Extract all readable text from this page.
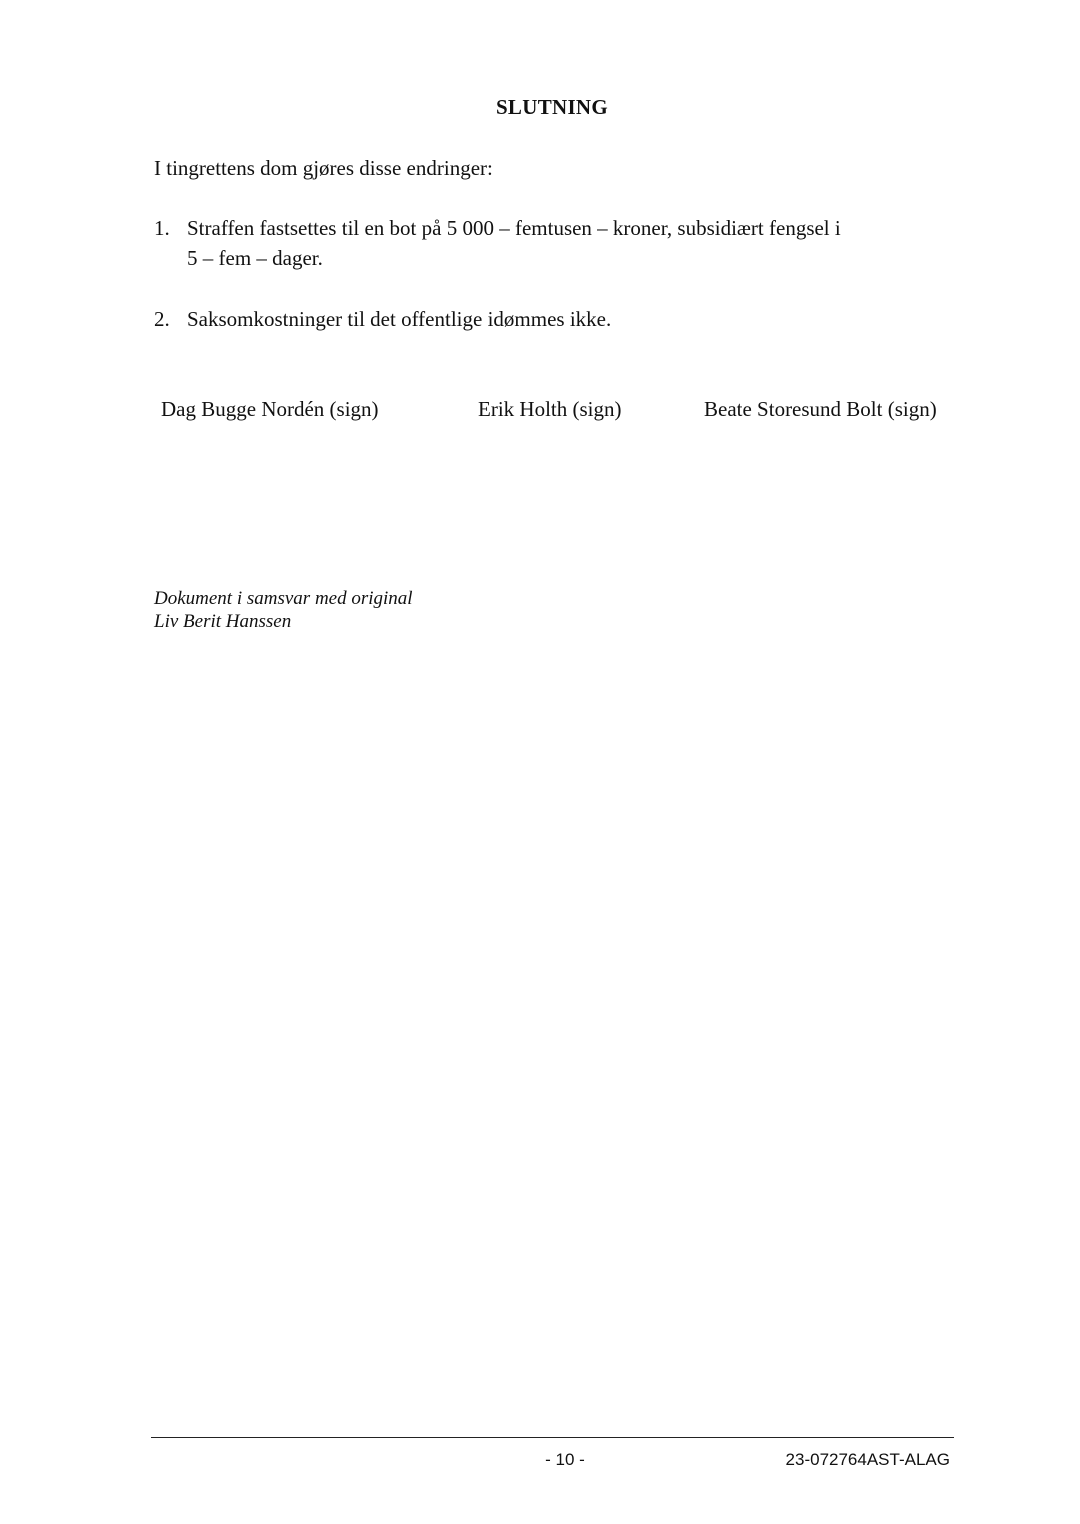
SLUTNING
I tingrettens dom gjøres disse endringer:
1. Straffen fastsettes til en bot på 5 000 – femtusen – kroner, subsidiært fengsel i
5 – fem – dager.
2. Saksomkostninger til det offentlige idømmes ikke.
Dag Bugge Nordén (sign)	Erik Holth (sign)	Beate Storesund Bolt (sign)
Dokument i samsvar med original
Liv Berit Hanssen
- 10 -	23-072764AST-ALAG
